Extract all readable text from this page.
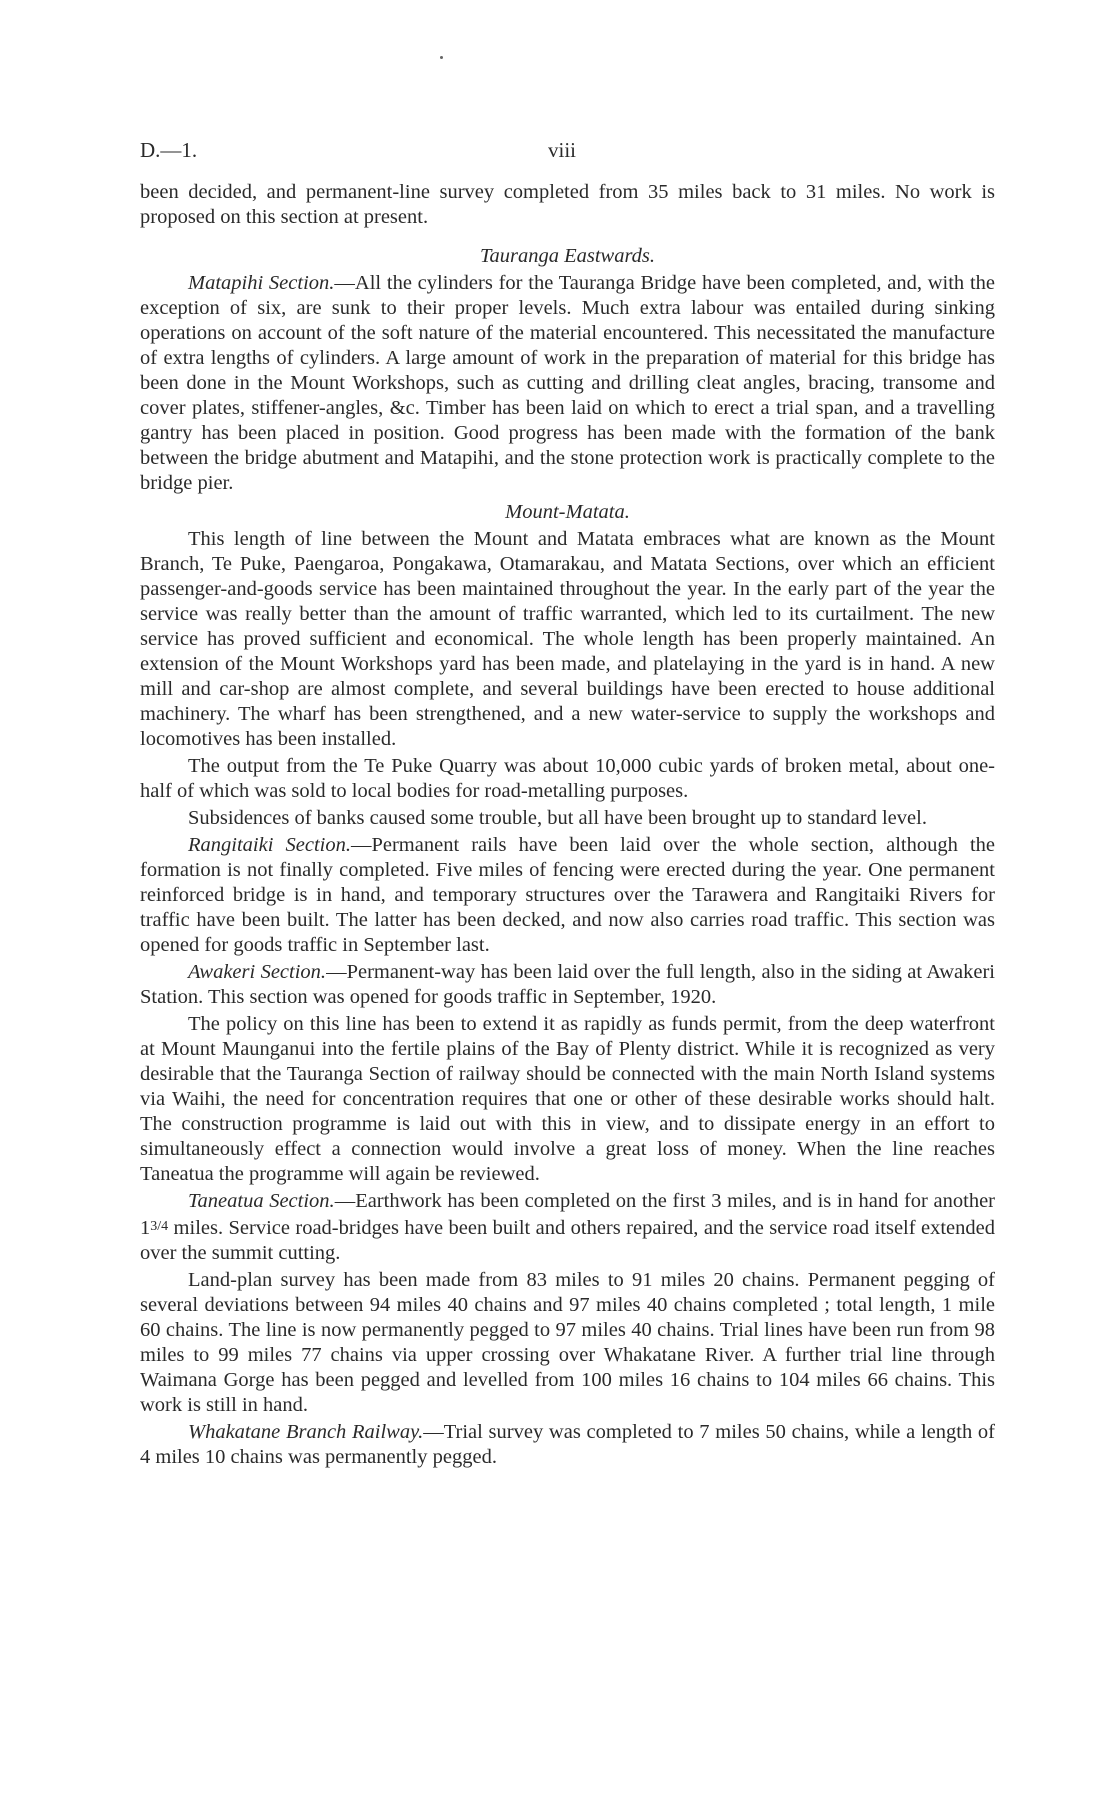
D.—1.	viii

been decided, and permanent-line survey completed from 35 miles back to 31 miles. No work is proposed on this section at present.

Tauranga Eastwards.

Matapihi Section.—All the cylinders for the Tauranga Bridge have been completed, and, with the exception of six, are sunk to their proper levels. Much extra labour was entailed during sinking operations on account of the soft nature of the material encountered. This necessitated the manufacture of extra lengths of cylinders. A large amount of work in the preparation of material for this bridge has been done in the Mount Workshops, such as cutting and drilling cleat angles, bracing, transome and cover plates, stiffener-angles, &c. Timber has been laid on which to erect a trial span, and a travelling gantry has been placed in position. Good progress has been made with the formation of the bank between the bridge abutment and Matapihi, and the stone protection work is practically complete to the bridge pier.

Mount-Matata.

This length of line between the Mount and Matata embraces what are known as the Mount Branch, Te Puke, Paengaroa, Pongakawa, Otamarakau, and Matata Sections, over which an efficient passenger-and-goods service has been maintained throughout the year. In the early part of the year the service was really better than the amount of traffic warranted, which led to its curtailment. The new service has proved sufficient and economical. The whole length has been properly maintained. An extension of the Mount Workshops yard has been made, and platelaying in the yard is in hand. A new mill and car-shop are almost complete, and several buildings have been erected to house additional machinery. The wharf has been strengthened, and a new water-service to supply the workshops and locomotives has been installed.

The output from the Te Puke Quarry was about 10,000 cubic yards of broken metal, about one-half of which was sold to local bodies for road-metalling purposes.

Subsidences of banks caused some trouble, but all have been brought up to standard level.

Rangitaiki Section.—Permanent rails have been laid over the whole section, although the formation is not finally completed. Five miles of fencing were erected during the year. One permanent reinforced bridge is in hand, and temporary structures over the Tarawera and Rangitaiki Rivers for traffic have been built. The latter has been decked, and now also carries road traffic. This section was opened for goods traffic in September last.

Awakeri Section.—Permanent-way has been laid over the full length, also in the siding at Awakeri Station. This section was opened for goods traffic in September, 1920.

The policy on this line has been to extend it as rapidly as funds permit, from the deep waterfront at Mount Maunganui into the fertile plains of the Bay of Plenty district. While it is recognized as very desirable that the Tauranga Section of railway should be connected with the main North Island systems via Waihi, the need for concentration requires that one or other of these desirable works should halt. The construction programme is laid out with this in view, and to dissipate energy in an effort to simultaneously effect a connection would involve a great loss of money. When the line reaches Taneatua the programme will again be reviewed.

Taneatua Section.—Earthwork has been completed on the first 3 miles, and is in hand for another 13/4 miles. Service road-bridges have been built and others repaired, and the service road itself extended over the summit cutting.

Land-plan survey has been made from 83 miles to 91 miles 20 chains. Permanent pegging of several deviations between 94 miles 40 chains and 97 miles 40 chains completed ; total length, 1 mile 60 chains. The line is now permanently pegged to 97 miles 40 chains. Trial lines have been run from 98 miles to 99 miles 77 chains via upper crossing over Whakatane River. A further trial line through Waimana Gorge has been pegged and levelled from 100 miles 16 chains to 104 miles 66 chains. This work is still in hand.

Whakatane Branch Railway.—Trial survey was completed to 7 miles 50 chains, while a length of 4 miles 10 chains was permanently pegged.
